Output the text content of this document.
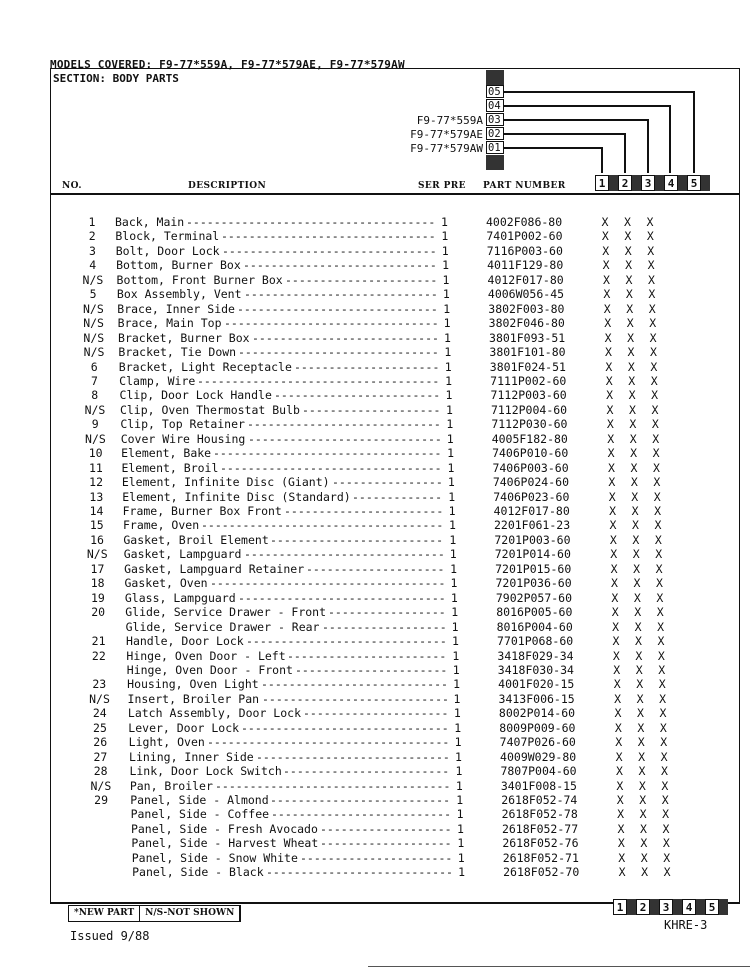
MODELS COVERED: F9-77*559A, F9-77*579AE, F9-77*579AW
SECTION: BODY PARTS
05
04
03
02
01
F9-77*559A
F9-77*579AE
F9-77*579AW
NO.	DESCRIPTION	SER PRE PART NUMBER	1	2	3	4	5
1	Back, Main ------------------------------------ 1	4002F086-80	X X X
2	Block, Terminal ------------------------------- 1	7401P002-60	X X X
3	Bolt, Door Lock ------------------------------- 1	7116P003-60	X X X
4	Bottom, Burner Box ---------------------------- 1	4011F129-80	X X X
N/S	Bottom, Front Burner Box ---------------------- 1	4012F017-80	X X X
5	Box Assembly, Vent ---------------------------- 1	4006W056-45	X X X
N/S	Brace, Inner Side ----------------------------- 1	3802F003-80	X X X
N/S	Brace, Main Top ------------------------------- 1	3802F046-80	X X X
N/S	Bracket, Burner Box --------------------------- 1	3801F093-51	X X X
N/S	Bracket, Tie Down ----------------------------- 1	3801F101-80	X X X
6	Bracket, Light Receptacle --------------------- 1	3801F024-51	X X X
7	Clamp, Wire ----------------------------------- 1	7111P002-60	X X X
8	Clip, Door Lock Handle ------------------------ 1	7112P003-60	X X X
N/S	Clip, Oven Thermostat Bulb -------------------- 1	7112P004-60	X X X
9	Clip, Top Retainer ---------------------------- 1	7112P030-60	X X X
N/S	Cover Wire Housing ---------------------------- 1	4005F182-80	X X X
10	Element, Bake --------------------------------- 1	7406P010-60	X X X
11	Element, Broil -------------------------------- 1	7406P003-60	X X X
12	Element, Infinite Disc (Giant) ---------------- 1	7406P024-60	X X X
13	Element, Infinite Disc (Standard) ------------- 1	7406P023-60	X X X
14	Frame, Burner Box Front ----------------------- 1	4012F017-80	X X X
15	Frame, Oven ----------------------------------- 1	2201F061-23	X X X
16	Gasket, Broil Element ------------------------- 1	7201P003-60	X X X
N/S	Gasket, Lampguard ----------------------------- 1	7201P014-60	X X X
17	Gasket, Lampguard Retainer -------------------- 1	7201P015-60	X X X
18	Gasket, Oven ---------------------------------- 1	7201P036-60	X X X
19	Glass, Lampguard ------------------------------ 1	7902P057-60	X X X
20	Glide, Service Drawer - Front ----------------- 1	8016P005-60	X X X
Glide, Service Drawer - Rear ------------------ 1	8016P004-60	X X X
21	Handle, Door Lock ----------------------------- 1	7701P068-60	X X X
22	Hinge, Oven Door - Left ----------------------- 1	3418F029-34	X X X
Hinge, Oven Door - Front ---------------------- 1	3418F030-34	X X X
23	Housing, Oven Light --------------------------- 1	4001F020-15	X X X
N/S	Insert, Broiler Pan --------------------------- 1	3413F006-15	X X X
24	Latch Assembly, Door Lock --------------------- 1	8002P014-60	X X X
25	Lever, Door Lock ------------------------------ 1	8009P009-60	X X X
26	Light, Oven ----------------------------------- 1	7407P026-60	X X X
27	Lining, Inner Side ---------------------------- 1	4009W029-80	X X X
28	Link, Door Lock Switch ------------------------ 1	7807P004-60	X X X
N/S	Pan, Broiler ---------------------------------- 1	3401F008-15	X X X
29	Panel, Side - Almond -------------------------- 1	2618F052-74	X X X
Panel, Side - Coffee -------------------------- 1	2618F052-78	X X X
Panel, Side - Fresh Avocado ------------------- 1	2618F052-77	X X X
Panel, Side - Harvest Wheat ------------------- 1	2618F052-76	X X X
Panel, Side - Snow White ---------------------- 1	2618F052-71	X X X
Panel, Side - Black --------------------------- 1	2618F052-70	X X X
*NEW PART	N/S-NOT SHOWN	1	2	3	4	5
Issued 9/88
KHRE-3
